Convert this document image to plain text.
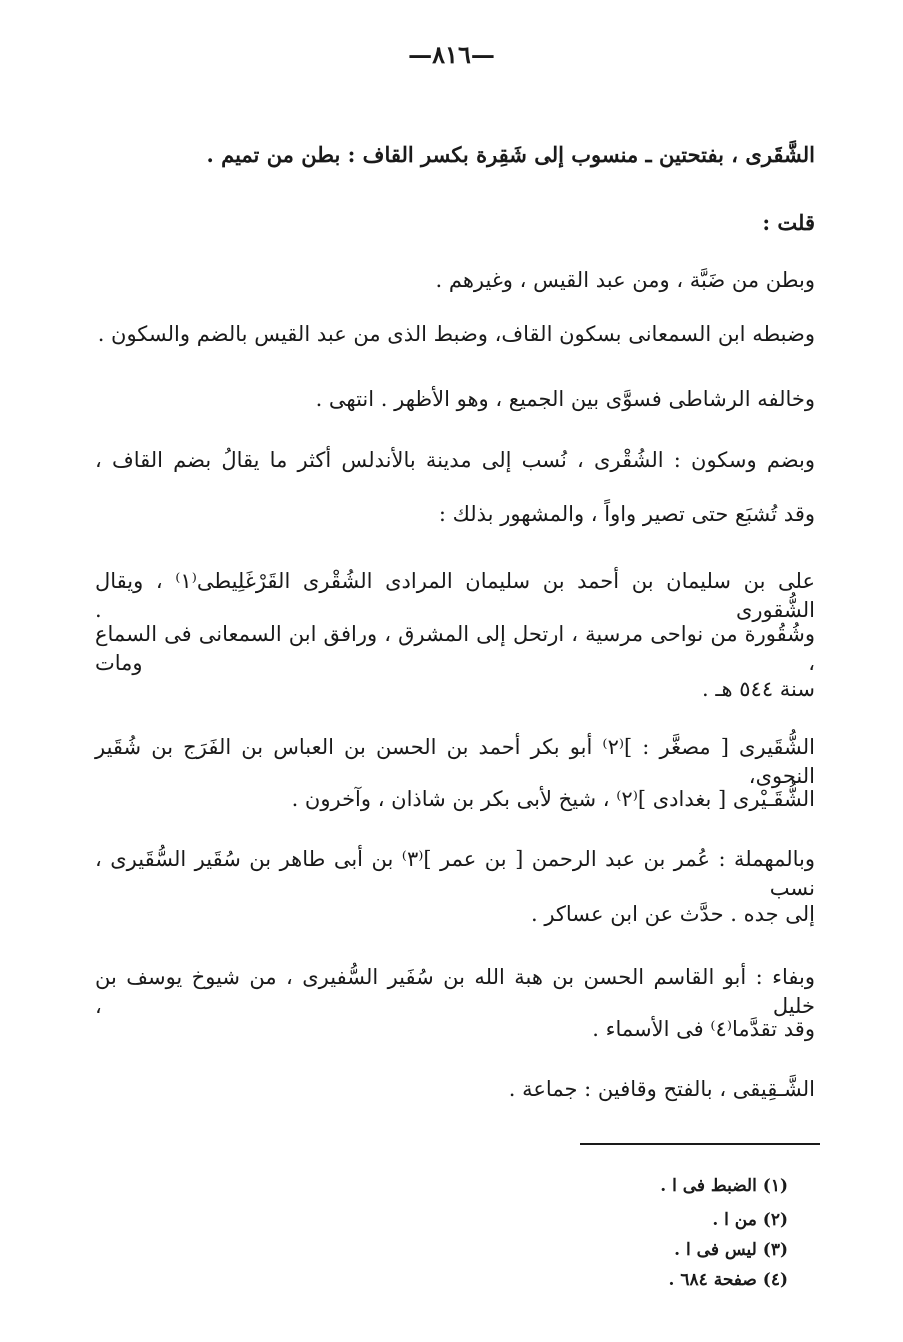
—٨١٦—
الشَّقَرى ، بفتحتين ـ منسوب إلى شَقِرة بكسر القاف : بطن من تميم .
قلت :
وبطن من ضَبَّة ، ومن عبد القيس ، وغيرهم .
وضبطه ابن السمعانى بسكون القاف، وضبط الذى من عبد القيس بالضم والسكون .
وخالفه الرشاطى فسوَّى بين الجميع ، وهو الأظهر . انتهى .
وبضم وسكون : الشُقْرى ، نُسب إلى مدينة بالأندلس أكثر ما يقالُ بضم القاف ،
وقد تُشبَع حتى تصير واواً ، والمشهور بذلك :
على بن سليمان بن أحمد بن سليمان المرادى الشُقْرى القَرْغَلِيطى⁽١⁾ ، ويقال الشُّقورى .
وشُقُورة من نواحى مرسية ، ارتحل إلى المشرق ، ورافق ابن السمعانى فى السماع ، ومات
سنة ٥٤٤ هـ .
الشُّقَيرى [ مصغَّر : ]⁽٢⁾ أبو بكر أحمد بن الحسن بن العباس بن الفَرَج بن شُقَير النحوى،
الشُّقَـيْرى [ بغدادى ]⁽٢⁾ ، شيخ لأبى بكر بن شاذان ، وآخرون .
وبالمهملة : عُمر بن عبد الرحمن [ بن عمر ]⁽٣⁾ بن أبى طاهر بن سُقَير السُّقَيرى ، نسب
إلى جده . حدَّث عن ابن عساكر .
وبفاء : أبو القاسم الحسن بن هبة الله بن سُفَير السُّفيرى ، من شيوخ يوسف بن خليل ،
وقد تقدَّما⁽٤⁾ فى الأسماء .
الشَّـقِيقى ، بالفتح وقافين : جماعة .
(١) الضبط فى ا .
(٢) من ا .
(٣) ليس فى ا .
(٤) صفحة ٦٨٤ .
